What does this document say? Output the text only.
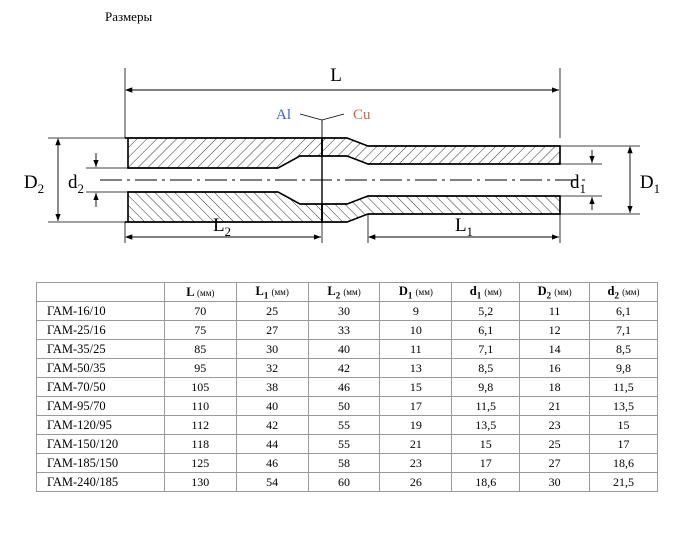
Размеры
L
Al	Cu
$D_2$ $d_2$	$d_1$	$D_1$
$L_2$	$L_1$
	L (мм)	$L_1$ (мм)	$L_2$ (мм)	$D_1$ (мм)	$d_1$ (мм)	$D_2$ (мм)	$d_2$ (мм)
ГАМ-16/10	70	25	30	9	5,2	11	6,1
ГАМ-25/16	75	27	33	10	6,1	12	7,1
ГАМ-35/25	85	30	40	11	7,1	14	8,5
ГАМ-50/35	95	32	42	13	8,5	16	9,8
ГАМ-70/50	105	38	46	15	9,8	18	11,5
ГАМ-95/70	110	40	50	17	11,5	21	13,5
ГАМ-120/95	112	42	55	19	13,5	23	15
ГАМ-150/120	118	44	55	21	15	25	17
ГАМ-185/150	125	46	58	23	17	27	18,6
ГАМ-240/185	130	54	60	26	18,6	30	21,5
